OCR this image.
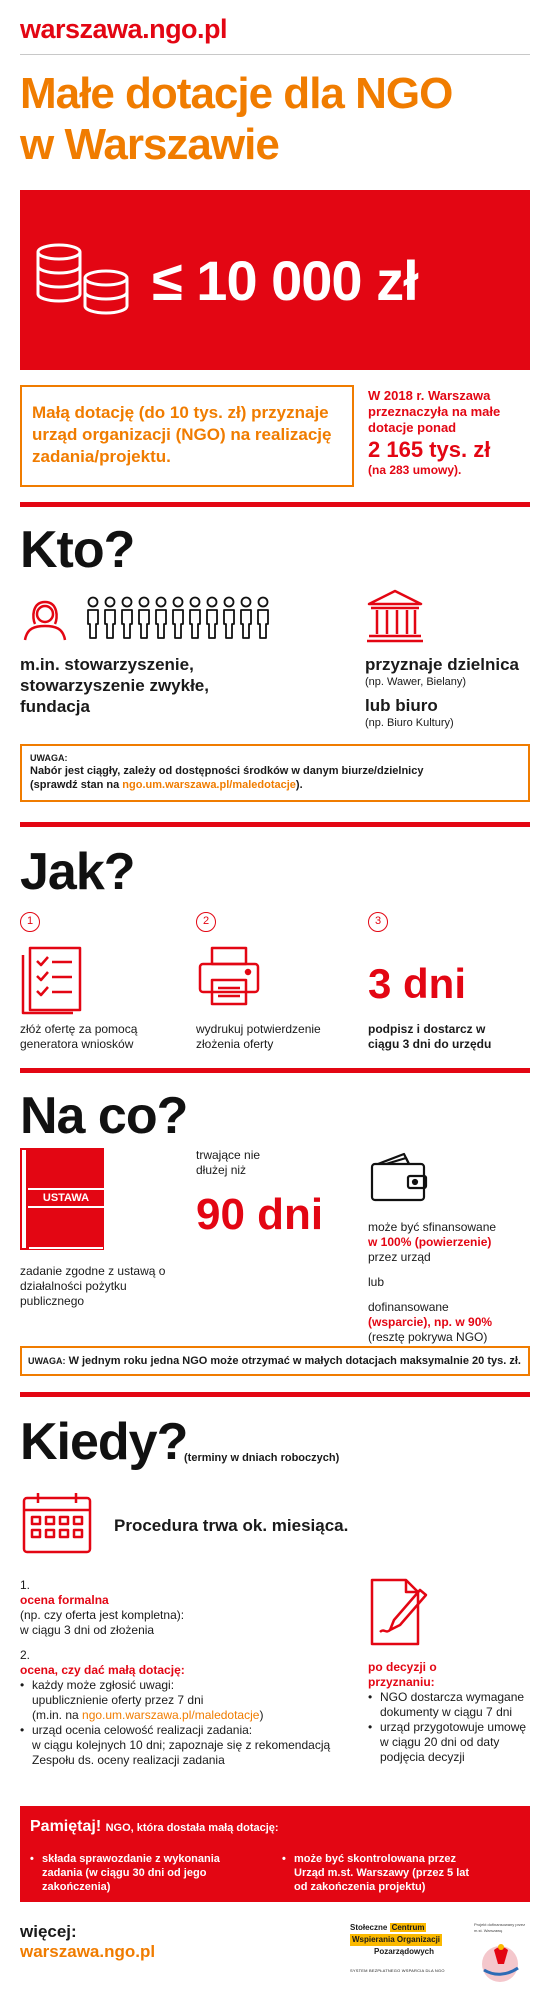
warszawa.ngo.pl
Małe dotacje dla NGO
w Warszawie
≤ 10 000 zł
Małą dotację (do 10 tys. zł) przyznaje urząd organizacji (NGO) na realizację zadania/projektu.
W 2018 r. Warszawa przeznaczyła na małe dotacje ponad
2 165 tys. zł
(na 283 umowy).
Kto?
m.in. stowarzyszenie, stowarzyszenie zwykłe, fundacja
przyznaje dzielnica
(np. Wawer, Bielany)
lub biuro
(np. Biuro Kultury)
UWAGA:
Nabór jest ciągły, zależy od dostępności środków w danym biurze/dzielnicy
(sprawdź stan na ngo.um.warszawa.pl/maledotacje).
Jak?
1	2	3
3 dni
złóż ofertę za pomocą generatora wniosków
wydrukuj potwierdzenie złożenia oferty
podpisz i dostarcz w ciągu 3 dni do urzędu
Na co?
USTAWA
zadanie zgodne z ustawą o działalności pożytku publicznego
trwające nie dłużej niż
90 dni	może być sfinansowane
w 100% (powierzenie)
przez urząd
lub
dofinansowane
(wsparcie), np. w 90%
(resztę pokrywa NGO)
UWAGA: W jednym roku jedna NGO może otrzymać w małych dotacjach maksymalnie 20 tys. zł.
Kiedy?
(terminy w dniach roboczych)
Procedura trwa ok. miesiąca.
1.
ocena formalna
(np. czy oferta jest kompletna):
w ciągu 3 dni od złożenia
2.
ocena, czy dać małą dotację:
• każdy może zgłosić uwagi:
upublicznienie oferty przez 7 dni
(m.in. na ngo.um.warszawa.pl/maledotacje)
• urząd ocenia celowość realizacji zadania:
w ciągu kolejnych 10 dni; zapoznaje się z rekomendacją Zespołu ds. oceny realizacji zadania
po decyzji o przyznaniu:
• NGO dostarcza wymagane dokumenty w ciągu 7 dni
• urząd przygotowuje umowę w ciągu 20 dni od daty podjęcia decyzji
Pamiętaj! NGO, która dostała małą dotację:
• składa sprawozdanie z wykonania zadania (w ciągu 30 dni od jego zakończenia)
• może być skontrolowana przez Urząd m.st. Warszawy (przez 5 lat od zakończenia projektu)
więcej:
warszawa.ngo.pl
Stołeczne Centrum
Wspierania Organizacji
Pozarządowych
SYSTEM BEZPŁATNEGO WSPARCIA DLA NGO
Projekt dofinansowany przez m.st. Warszawę
